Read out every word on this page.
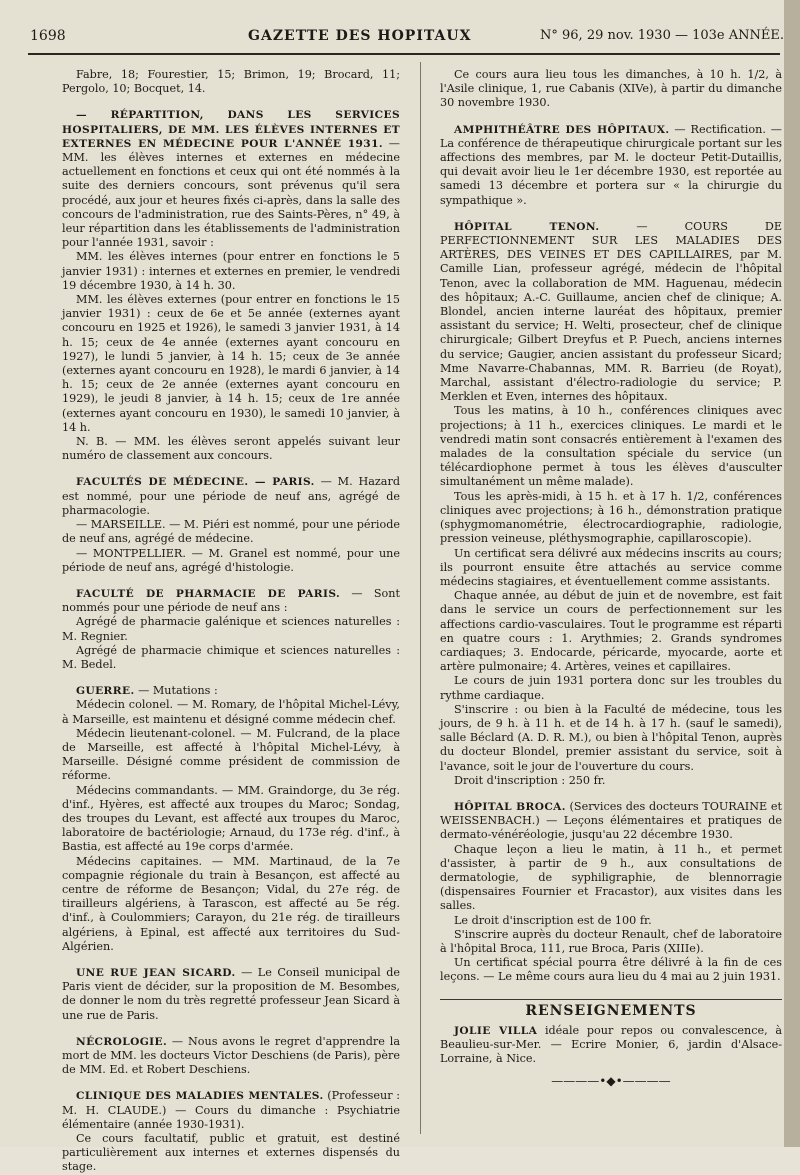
1698	GAZETTE DES HOPITAUX	N° 96, 29 nov. 1930 — 103e ANNÉE.

Fabre, 18; Fourestier, 15; Brimon, 19; Brocard, 11; Pergolo, 10; Bocquet, 14.

— RÉPARTITION, DANS LES SERVICES HOSPITALIERS, DE MM. LES ÉLÈVES INTERNES ET EXTERNES EN MÉDECINE POUR L'ANNÉE 1931. — MM. les élèves internes et externes en médecine actuellement en fonctions et ceux qui ont été nommés à la suite des derniers concours, sont prévenus qu'il sera procédé, aux jour et heures fixés ci-après, dans la salle des concours de l'administration, rue des Saints-Pères, n° 49, à leur répartition dans les établissements de l'administration pour l'année 1931, savoir :

MM. les élèves internes (pour entrer en fonctions le 5 janvier 1931) : internes et externes en premier, le vendredi 19 décembre 1930, à 14 h. 30.

MM. les élèves externes (pour entrer en fonctions le 15 janvier 1931) : ceux de 6e et 5e année (externes ayant concouru en 1925 et 1926), le samedi 3 janvier 1931, à 14 h. 15; ceux de 4e année (externes ayant concouru en 1927), le lundi 5 janvier, à 14 h. 15; ceux de 3e année (externes ayant concouru en 1928), le mardi 6 janvier, à 14 h. 15; ceux de 2e année (externes ayant concouru en 1929), le jeudi 8 janvier, à 14 h. 15; ceux de 1re année (externes ayant concouru en 1930), le samedi 10 janvier, à 14 h.

N. B. — MM. les élèves seront appelés suivant leur numéro de classement aux concours.

FACULTÉS DE MÉDECINE. — PARIS. — M. Hazard est nommé, pour une période de neuf ans, agrégé de pharmacologie.

— MARSEILLE. — M. Piéri est nommé, pour une période de neuf ans, agrégé de médecine.

— MONTPELLIER. — M. Granel est nommé, pour une période de neuf ans, agrégé d'histologie.

FACULTÉ DE PHARMACIE DE PARIS. — Sont nommés pour une période de neuf ans :

Agrégé de pharmacie galénique et sciences naturelles : M. Regnier.

Agrégé de pharmacie chimique et sciences naturelles : M. Bedel.

GUERRE. — Mutations :

Médecin colonel. — M. Romary, de l'hôpital Michel-Lévy, à Marseille, est maintenu et désigné comme médecin chef.

Médecin lieutenant-colonel. — M. Fulcrand, de la place de Marseille, est affecté à l'hôpital Michel-Lévy, à Marseille. Désigné comme président de commission de réforme.

Médecins commandants. — MM. Graindorge, du 3e rég. d'inf., Hyères, est affecté aux troupes du Maroc; Sondag, des troupes du Levant, est affecté aux troupes du Maroc, laboratoire de bactériologie; Arnaud, du 173e rég. d'inf., à Bastia, est affecté au 19e corps d'armée.

Médecins capitaines. — MM. Martinaud, de la 7e compagnie régionale du train à Besançon, est affecté au centre de réforme de Besançon; Vidal, du 27e rég. de tirailleurs algériens, à Tarascon, est affecté au 5e rég. d'inf., à Coulommiers; Carayon, du 21e rég. de tirailleurs algériens, à Epinal, est affecté aux territoires du Sud-Algérien.

UNE RUE JEAN SICARD. — Le Conseil municipal de Paris vient de décider, sur la proposition de M. Besombes, de donner le nom du très regretté professeur Jean Sicard à une rue de Paris.

NÉCROLOGIE. — Nous avons le regret d'apprendre la mort de MM. les docteurs Victor Deschiens (de Paris), père de MM. Ed. et Robert Deschiens.

CLINIQUE DES MALADIES MENTALES. (Professeur : M. H. CLAUDE.) — Cours du dimanche : Psychiatrie élémentaire (année 1930-1931).

Ce cours facultatif, public et gratuit, est destiné particulièrement aux internes et externes dispensés du stage.

Ce cours aura lieu tous les dimanches, à 10 h. 1/2, à l'Asile clinique, 1, rue Cabanis (XIVe), à partir du dimanche 30 novembre 1930.

AMPHITHÉÂTRE DES HÔPITAUX. — Rectification. — La conférence de thérapeutique chirurgicale portant sur les affections des membres, par M. le docteur Petit-Dutaillis, qui devait avoir lieu le 1er décembre 1930, est reportée au samedi 13 décembre et portera sur « la chirurgie du sympathique ».

HÔPITAL TENON. — COURS DE PERFECTIONNEMENT SUR LES MALADIES DES ARTÈRES, DES VEINES ET DES CAPILLAIRES, par M. Camille Lian, professeur agrégé, médecin de l'hôpital Tenon, avec la collaboration de MM. Haguenau, médecin des hôpitaux; A.-C. Guillaume, ancien chef de clinique; A. Blondel, ancien interne lauréat des hôpitaux, premier assistant du service; H. Welti, prosecteur, chef de clinique chirurgicale; Gilbert Dreyfus et P. Puech, anciens internes du service; Gaugier, ancien assistant du professeur Sicard; Mme Navarre-Chabannas, MM. R. Barrieu (de Royat), Marchal, assistant d'électro-radiologie du service; P. Merklen et Even, internes des hôpitaux.

Tous les matins, à 10 h., conférences cliniques avec projections; à 11 h., exercices cliniques. Le mardi et le vendredi matin sont consacrés entièrement à l'examen des malades de la consultation spéciale du service (un télécardiophone permet à tous les élèves d'ausculter simultanément un même malade).

Tous les après-midi, à 15 h. et à 17 h. 1/2, conférences cliniques avec projections; à 16 h., démonstration pratique (sphygmomanométrie, électrocardiographie, radiologie, pression veineuse, pléthysmographie, capillaroscopie).

Un certificat sera délivré aux médecins inscrits au cours; ils pourront ensuite être attachés au service comme médecins stagiaires, et éventuellement comme assistants.

Chaque année, au début de juin et de novembre, est fait dans le service un cours de perfectionnement sur les affections cardio-vasculaires. Tout le programme est réparti en quatre cours : 1. Arythmies; 2. Grands syndromes cardiaques; 3. Endocarde, péricarde, myocarde, aorte et artère pulmonaire; 4. Artères, veines et capillaires.

Le cours de juin 1931 portera donc sur les troubles du rythme cardiaque.

S'inscrire : ou bien à la Faculté de médecine, tous les jours, de 9 h. à 11 h. et de 14 h. à 17 h. (sauf le samedi), salle Béclard (A. D. R. M.), ou bien à l'hôpital Tenon, auprès du docteur Blondel, premier assistant du service, soit à l'avance, soit le jour de l'ouverture du cours.

Droit d'inscription : 250 fr.

HÔPITAL BROCA. (Services des docteurs TOURAINE et WEISSENBACH.) — Leçons élémentaires et pratiques de dermato-vénéréologie, jusqu'au 22 décembre 1930.

Chaque leçon a lieu le matin, à 11 h., et permet d'assister, à partir de 9 h., aux consultations de dermatologie, de syphiligraphie, de blennorragie (dispensaires Fournier et Fracastor), aux visites dans les salles.

Le droit d'inscription est de 100 fr.

S'inscrire auprès du docteur Renault, chef de laboratoire à l'hôpital Broca, 111, rue Broca, Paris (XIIIe).

Un certificat spécial pourra être délivré à la fin de ces leçons. — Le même cours aura lieu du 4 mai au 2 juin 1931.

RENSEIGNEMENTS

JOLIE VILLA idéale pour repos ou convalescence, à Beaulieu-sur-Mer. — Ecrire Monier, 6, jardin d'Alsace-Lorraine, à Nice.

————•◆•————
